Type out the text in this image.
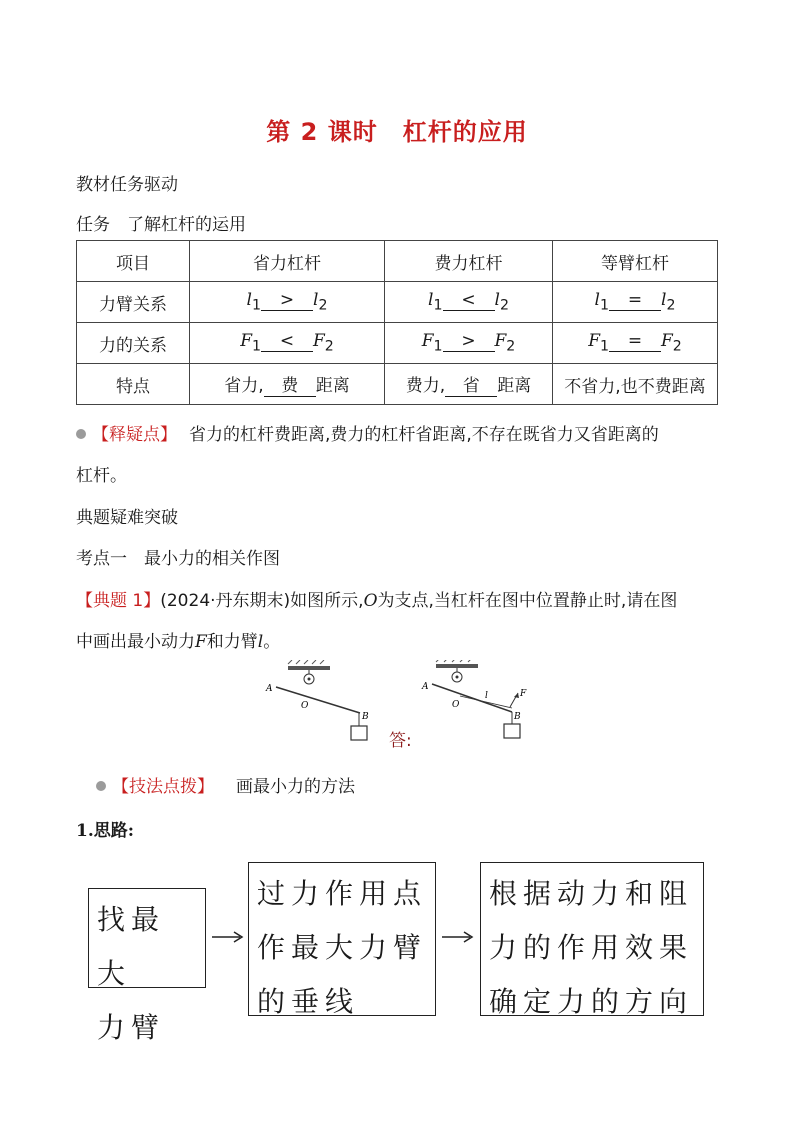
第 2 课时　杠杆的应用
教材任务驱动
任务　了解杠杆的运用
项目	省力杠杆	费力杠杆	等臂杠杆
力臂关系	$l_1 > l_2$	$l_1 < l_2$	$l_1 = l_2$
力的关系	$F_1 < F_2$	$F_1 > F_2$	$F_1 = F_2$
特点	省力, 费 距离	费力, 省 距离	不省力,也不费距离
【释疑点】 省力的杠杆费距离,费力的杠杆省距离,不存在既省力又省距离的
杠杆。
典题疑难突破
考点一　最小力的相关作图
【典题 1】(2024·丹东期末)如图所示,O为支点,当杠杆在图中位置静止时,请在图
中画出最小动力F和力臂l。
A
O
B
答:
A
O
B
l	F
【技法点拨】 画最小力的方法
1.思路:
找最大
力臂
过力作用点
作最大力臂
的垂线
根据动力和阻
力的作用效果
确定力的方向
